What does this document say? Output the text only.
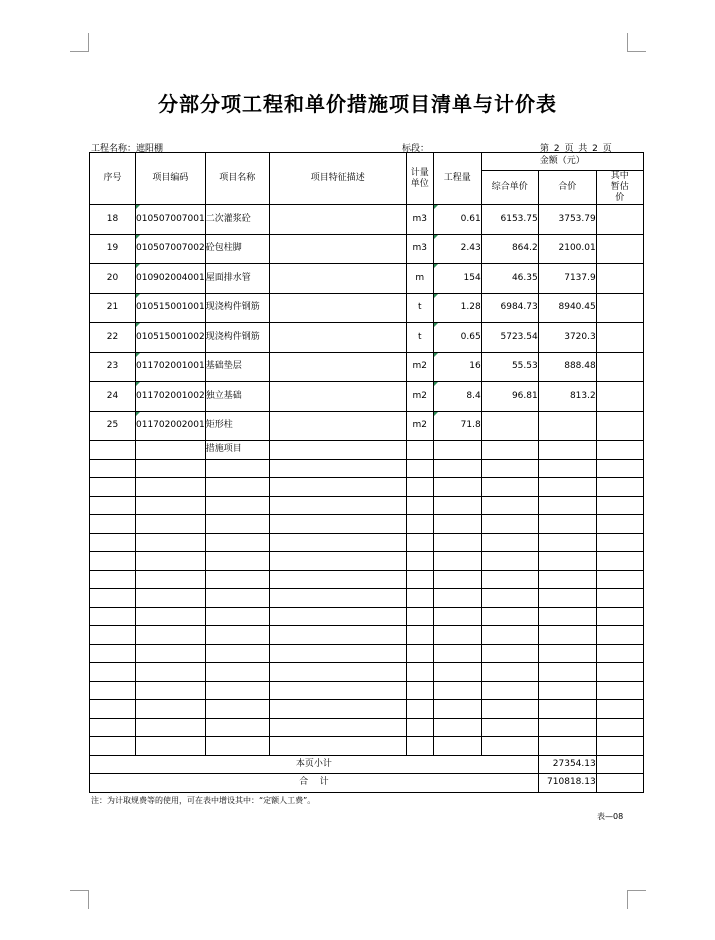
分部分项工程和单价措施项目清单与计价表
工程名称：遮阳棚	标段：	第 2 页 共 2 页
序号	项目编码	项目名称	项目特征描述	计量单位	工程量	金额（元）		
						综合单价	合价	其中暂估价
18	010507007001	二次灌浆砼		m3	0.61	6153.75	3753.79	
19	010507007002	砼包柱脚		m3	2.43	864.2	2100.01	
20	010902004001	屋面排水管		m	154	46.35	7137.9	
21	010515001001	现浇构件钢筋		t	1.28	6984.73	8940.45	
22	010515001002	现浇构件钢筋		t	0.65	5723.54	3720.3	
23	011702001001	基础垫层		m2	16	55.53	888.48	
24	011702001002	独立基础		m2	8.4	96.81	813.2	
25	011702002001	矩形柱		m2	71.8

		措施项目						

本页小计							27354.13	
合    计							710818.13	
注：为计取规费等的使用，可在表中增设其中：“定额人工费”。
表—08
